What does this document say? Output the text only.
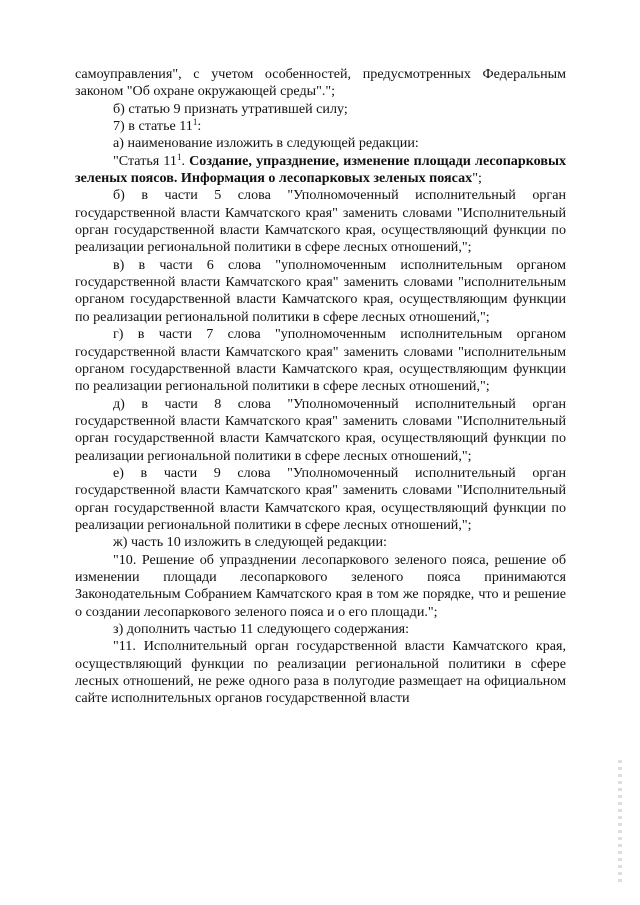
самоуправления", с учетом особенностей, предусмотренных Федеральным законом "Об охране окружающей среды".";

б) статью 9 признать утратившей силу;

7) в статье $11^1$:

а) наименование изложить в следующей редакции:

"Статья $11^1$. Создание, упразднение, изменение площади лесопарковых зеленых поясов. Информация о лесопарковых зеленых поясах";

б) в части 5 слова "Уполномоченный исполнительный орган государственной власти Камчатского края" заменить словами "Исполнительный орган государственной власти Камчатского края, осуществляющий функции по реализации региональной политики в сфере лесных отношений,";

в) в части 6 слова "уполномоченным исполнительным органом государственной власти Камчатского края" заменить словами "исполнительным органом государственной власти Камчатского края, осуществляющим функции по реализации региональной политики в сфере лесных отношений,";

г) в части 7 слова "уполномоченным исполнительным органом государственной власти Камчатского края" заменить словами "исполнительным органом государственной власти Камчатского края, осуществляющим функции по реализации региональной политики в сфере лесных отношений,";

д) в части 8 слова "Уполномоченный исполнительный орган государственной власти Камчатского края" заменить словами "Исполнительный орган государственной власти Камчатского края, осуществляющий функции по реализации региональной политики в сфере лесных отношений,";

е) в части 9 слова "Уполномоченный исполнительный орган государственной власти Камчатского края" заменить словами "Исполнительный орган государственной власти Камчатского края, осуществляющий функции по реализации региональной политики в сфере лесных отношений,";

ж) часть 10 изложить в следующей редакции:

"10. Решение об упразднении лесопаркового зеленого пояса, решение об изменении площади лесопаркового зеленого пояса принимаются Законодательным Собранием Камчатского края в том же порядке, что и решение о создании лесопаркового зеленого пояса и о его площади.";

з) дополнить частью 11 следующего содержания:

"11. Исполнительный орган государственной власти Камчатского края, осуществляющий функции по реализации региональной политики в сфере лесных отношений, не реже одного раза в полугодие размещает на официальном сайте исполнительных органов государственной власти
